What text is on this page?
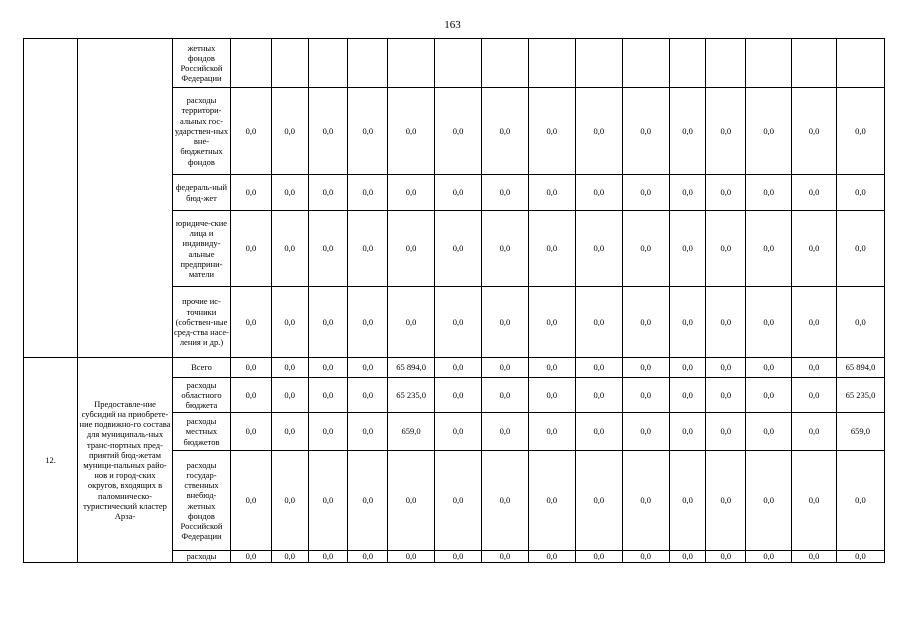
163
		жетных фондов Российской Федерации															
		расходы территори-альных гос-ударствен-ных вне-бюджетных фондов	0,0	0,0	0,0	0,0	0,0	0,0	0,0	0,0	0,0	0,0	0,0	0,0	0,0	0,0	0,0
		федераль-ный бюд-жет	0,0	0,0	0,0	0,0	0,0	0,0	0,0	0,0	0,0	0,0	0,0	0,0	0,0	0,0	0,0
		юридиче-ские лица и индивиду-альные предприни-матели	0,0	0,0	0,0	0,0	0,0	0,0	0,0	0,0	0,0	0,0	0,0	0,0	0,0	0,0	0,0
		прочие ис-точники (собствен-ные сред-ства насе-ления и др.)	0,0	0,0	0,0	0,0	0,0	0,0	0,0	0,0	0,0	0,0	0,0	0,0	0,0	0,0	0,0
12.	Предоставле-ние субсидий на приобрете-ние подвижно-го состава для муниципаль-ных транс-портных пред-приятий бюд-жетам муници-пальных райо-нов и город-ских округов, входящих в паломническо-туристический кластер Арза-	Всего	0,0	0,0	0,0	0,0	65 894,0	0,0	0,0	0,0	0,0	0,0	0,0	0,0	0,0	0,0	65 894,0
		расходы областного бюджета	0,0	0,0	0,0	0,0	65 235,0	0,0	0,0	0,0	0,0	0,0	0,0	0,0	0,0	0,0	65 235,0
		расходы местных бюджетов	0,0	0,0	0,0	0,0	659,0	0,0	0,0	0,0	0,0	0,0	0,0	0,0	0,0	0,0	659,0
		расходы государ-ственных внебюд-жетных фондов Российской Федерации	0,0	0,0	0,0	0,0	0,0	0,0	0,0	0,0	0,0	0,0	0,0	0,0	0,0	0,0	0,0
		расходы	0,0	0,0	0,0	0,0	0,0	0,0	0,0	0,0	0,0	0,0	0,0	0,0	0,0	0,0	0,0
